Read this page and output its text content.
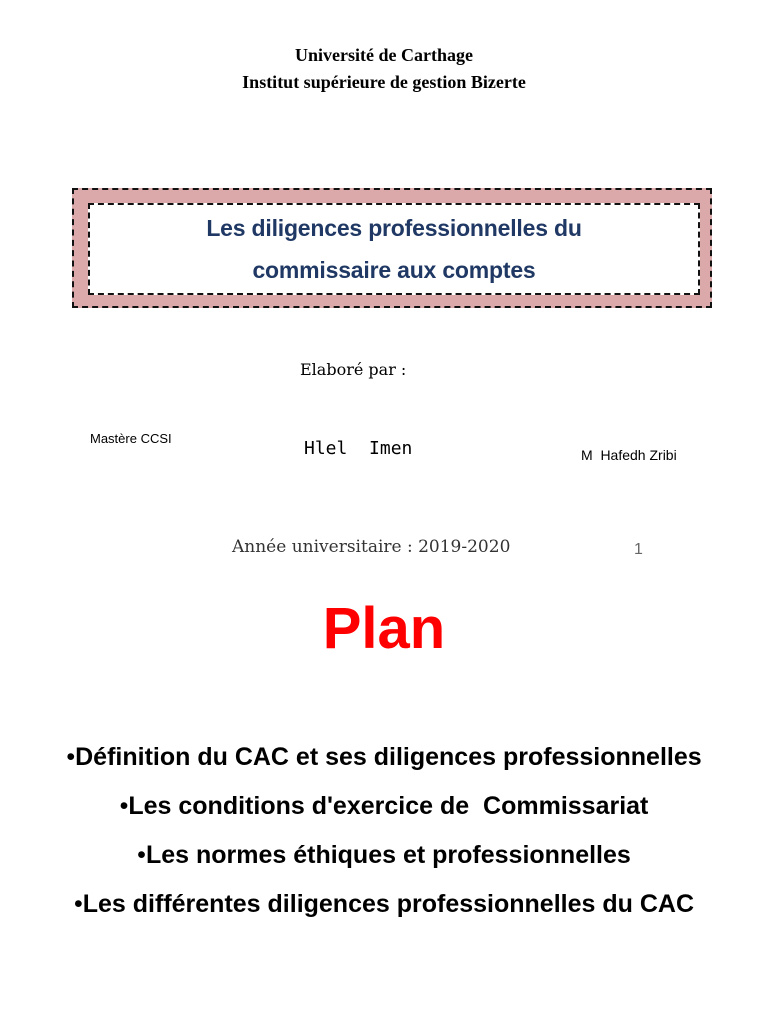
Université de Carthage
Institut supérieure de gestion Bizerte
Les diligences professionnelles du
commissaire aux comptes
Elaboré par :
Mastère CCSI	Hlel  Imen	M  Hafedh Zribi
Année universitaire : 2019-2020	1
Plan
•Définition du CAC et ses diligences professionnelles
•Les conditions d'exercice de  Commissariat
•Les normes éthiques et professionnelles
•Les différentes diligences professionnelles du CAC
